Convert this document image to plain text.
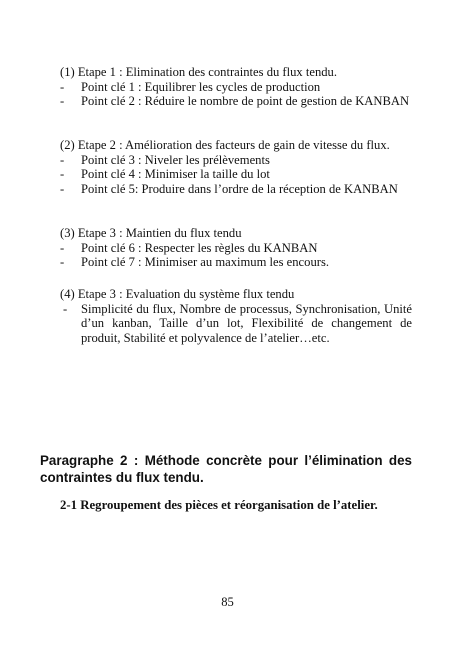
(1) Etape 1 : Elimination des contraintes du flux tendu.

- Point clé 1 : Equilibrer les cycles de production
- Point clé 2 : Réduire le nombre de point de gestion de KANBAN

(2) Etape 2 : Amélioration des facteurs de gain de vitesse du flux.

- Point clé 3 : Niveler les prélèvements
- Point clé 4 : Minimiser la taille du lot
- Point clé 5: Produire dans l’ordre de la réception de KANBAN

(3) Etape 3 : Maintien du flux tendu

- Point clé 6 : Respecter les règles du KANBAN
- Point clé 7 : Minimiser au maximum les encours.

(4) Etape 3 : Evaluation du système flux tendu

-	Simplicité du flux, Nombre de processus, Synchronisation, Unité d’un kanban, Taille d’un lot, Flexibilité de changement de produit, Stabilité et polyvalence de l’atelier…etc.
Paragraphe 2 : Méthode concrète pour l’élimination des contraintes du flux tendu.
2-1 Regroupement des pièces et réorganisation de l’atelier.
85
